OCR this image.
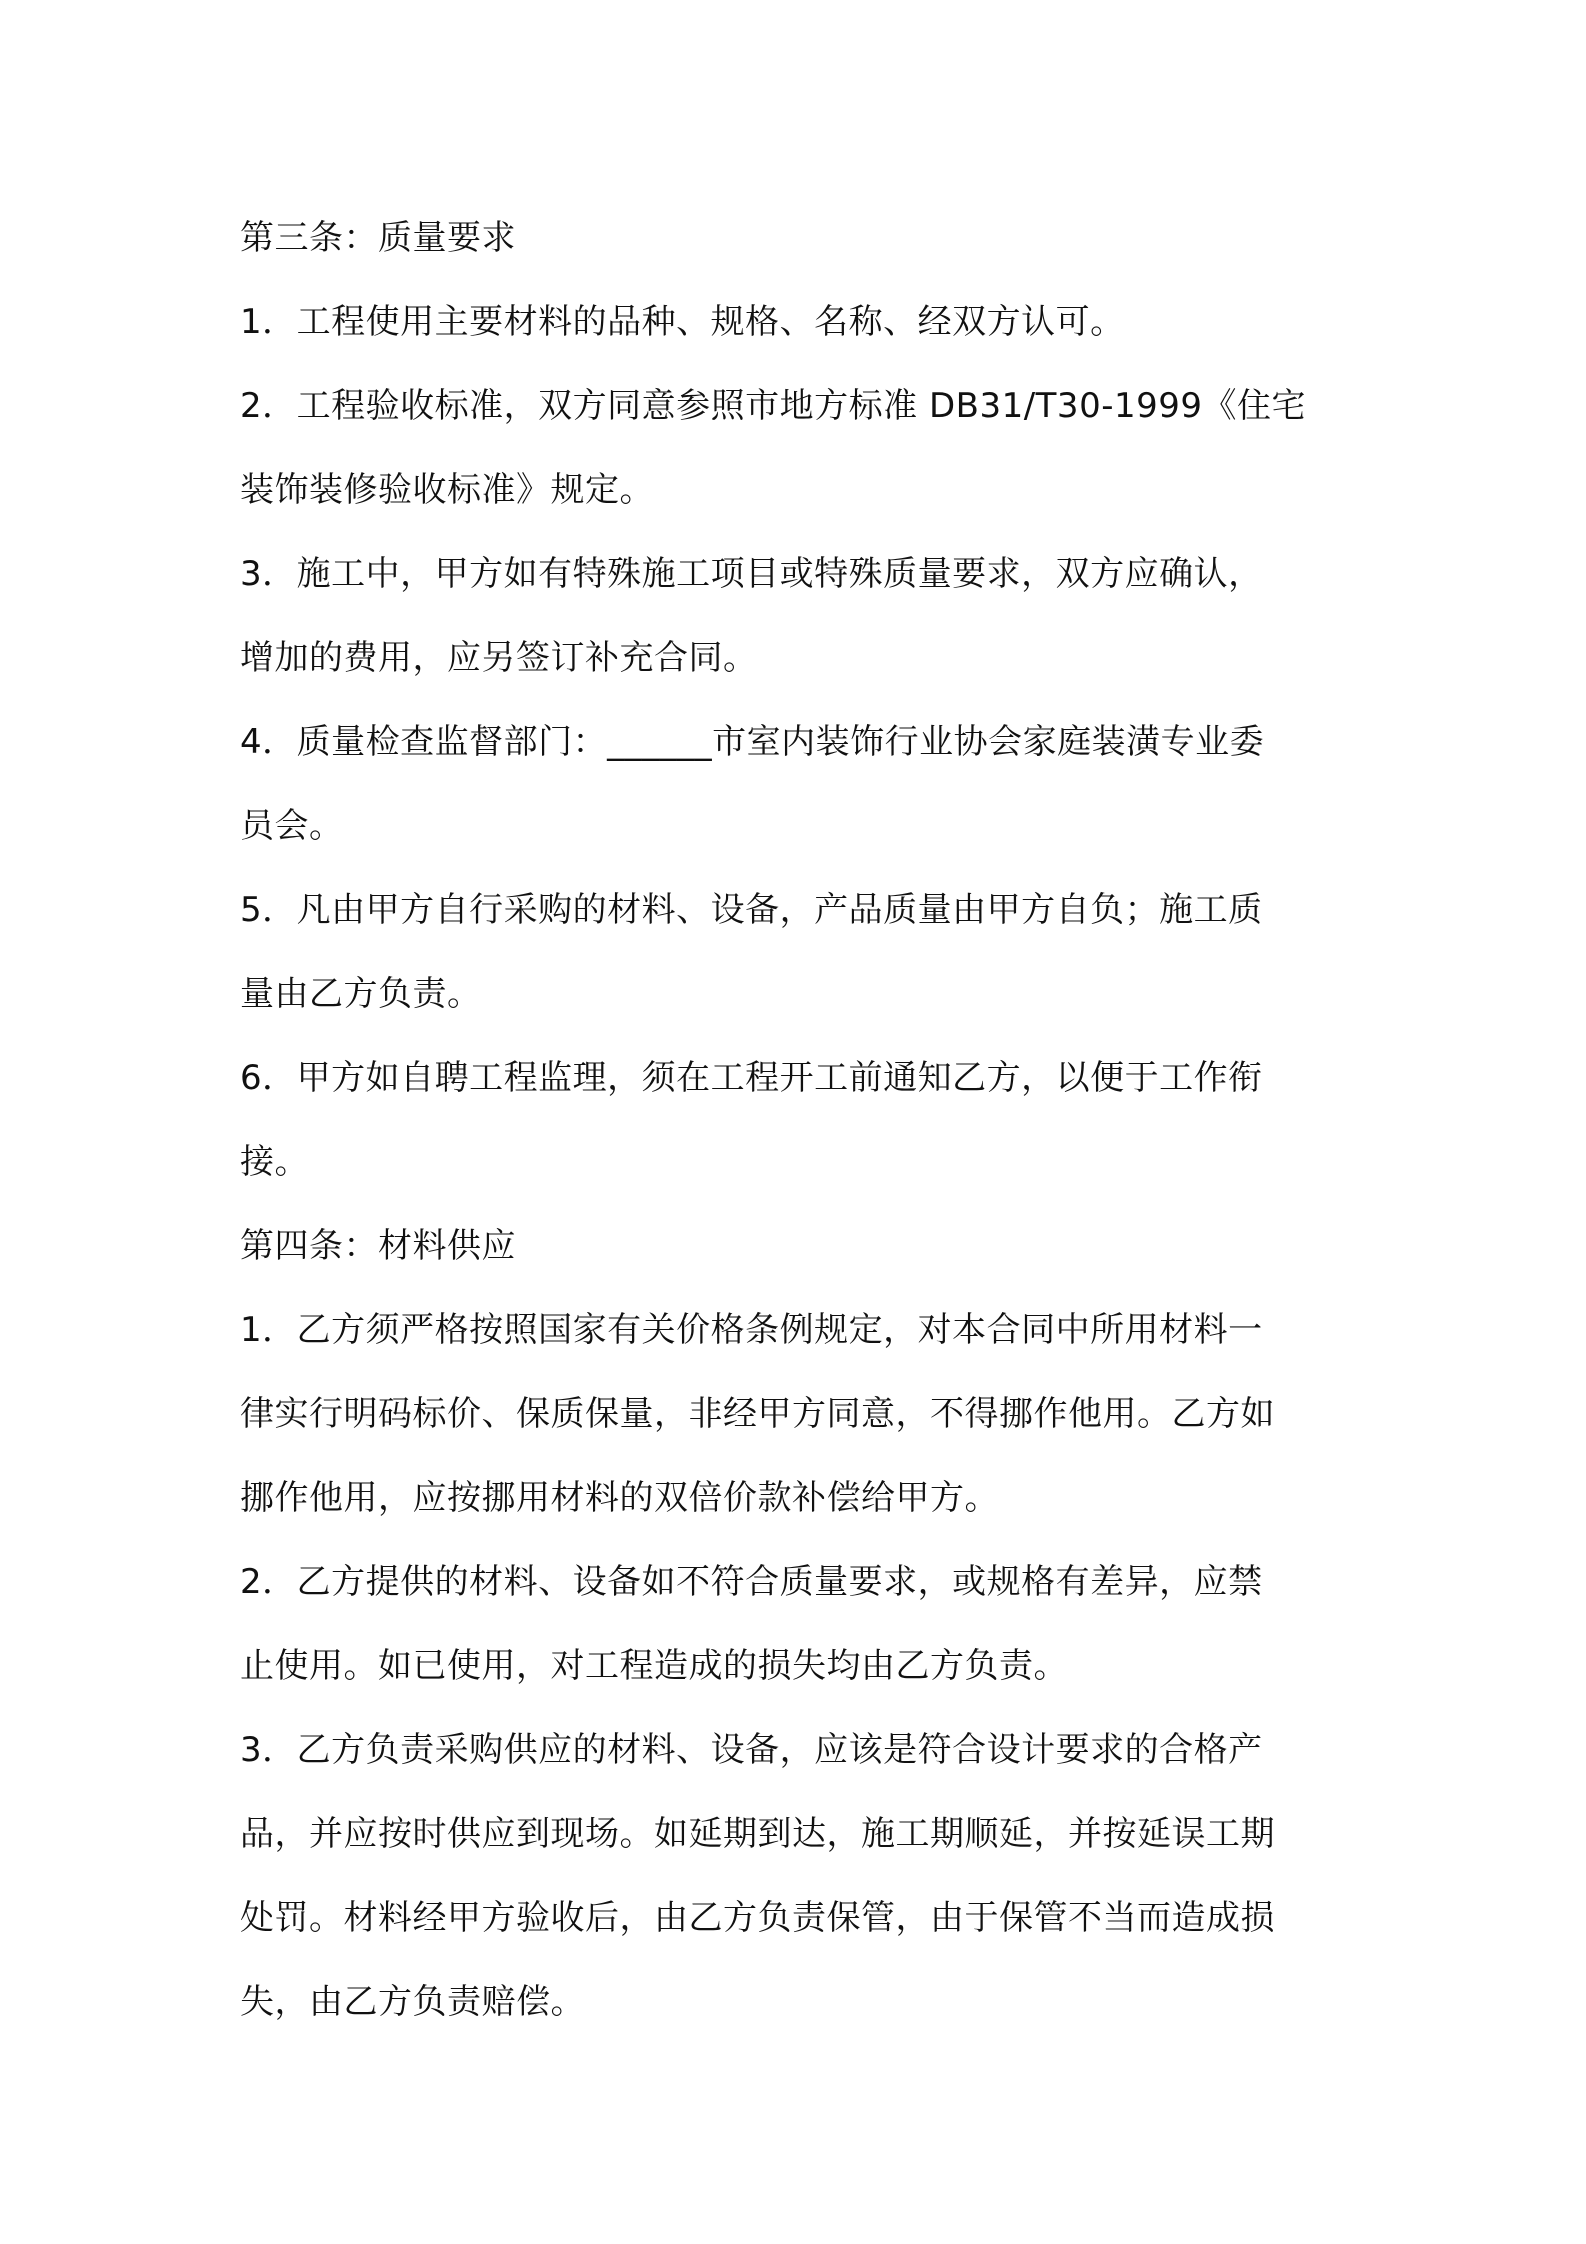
第三条：质量要求
1．工程使用主要材料的品种、规格、名称、经双方认可。
2．工程验收标准，双方同意参照市地方标准 DB31/T30-1999《住宅
装饰装修验收标准》规定。
3．施工中，甲方如有特殊施工项目或特殊质量要求，双方应确认，
增加的费用，应另签订补充合同。
4．质量检查监督部门：______市室内装饰行业协会家庭装潢专业委
员会。
5．凡由甲方自行采购的材料、设备，产品质量由甲方自负；施工质
量由乙方负责。
6．甲方如自聘工程监理，须在工程开工前通知乙方，以便于工作衔
接。
第四条：材料供应
1．乙方须严格按照国家有关价格条例规定，对本合同中所用材料一
律实行明码标价、保质保量，非经甲方同意，不得挪作他用。乙方如
挪作他用，应按挪用材料的双倍价款补偿给甲方。
2．乙方提供的材料、设备如不符合质量要求，或规格有差异，应禁
止使用。如已使用，对工程造成的损失均由乙方负责。
3．乙方负责采购供应的材料、设备，应该是符合设计要求的合格产
品，并应按时供应到现场。如延期到达，施工期顺延，并按延误工期
处罚。材料经甲方验收后，由乙方负责保管，由于保管不当而造成损
失，由乙方负责赔偿。
